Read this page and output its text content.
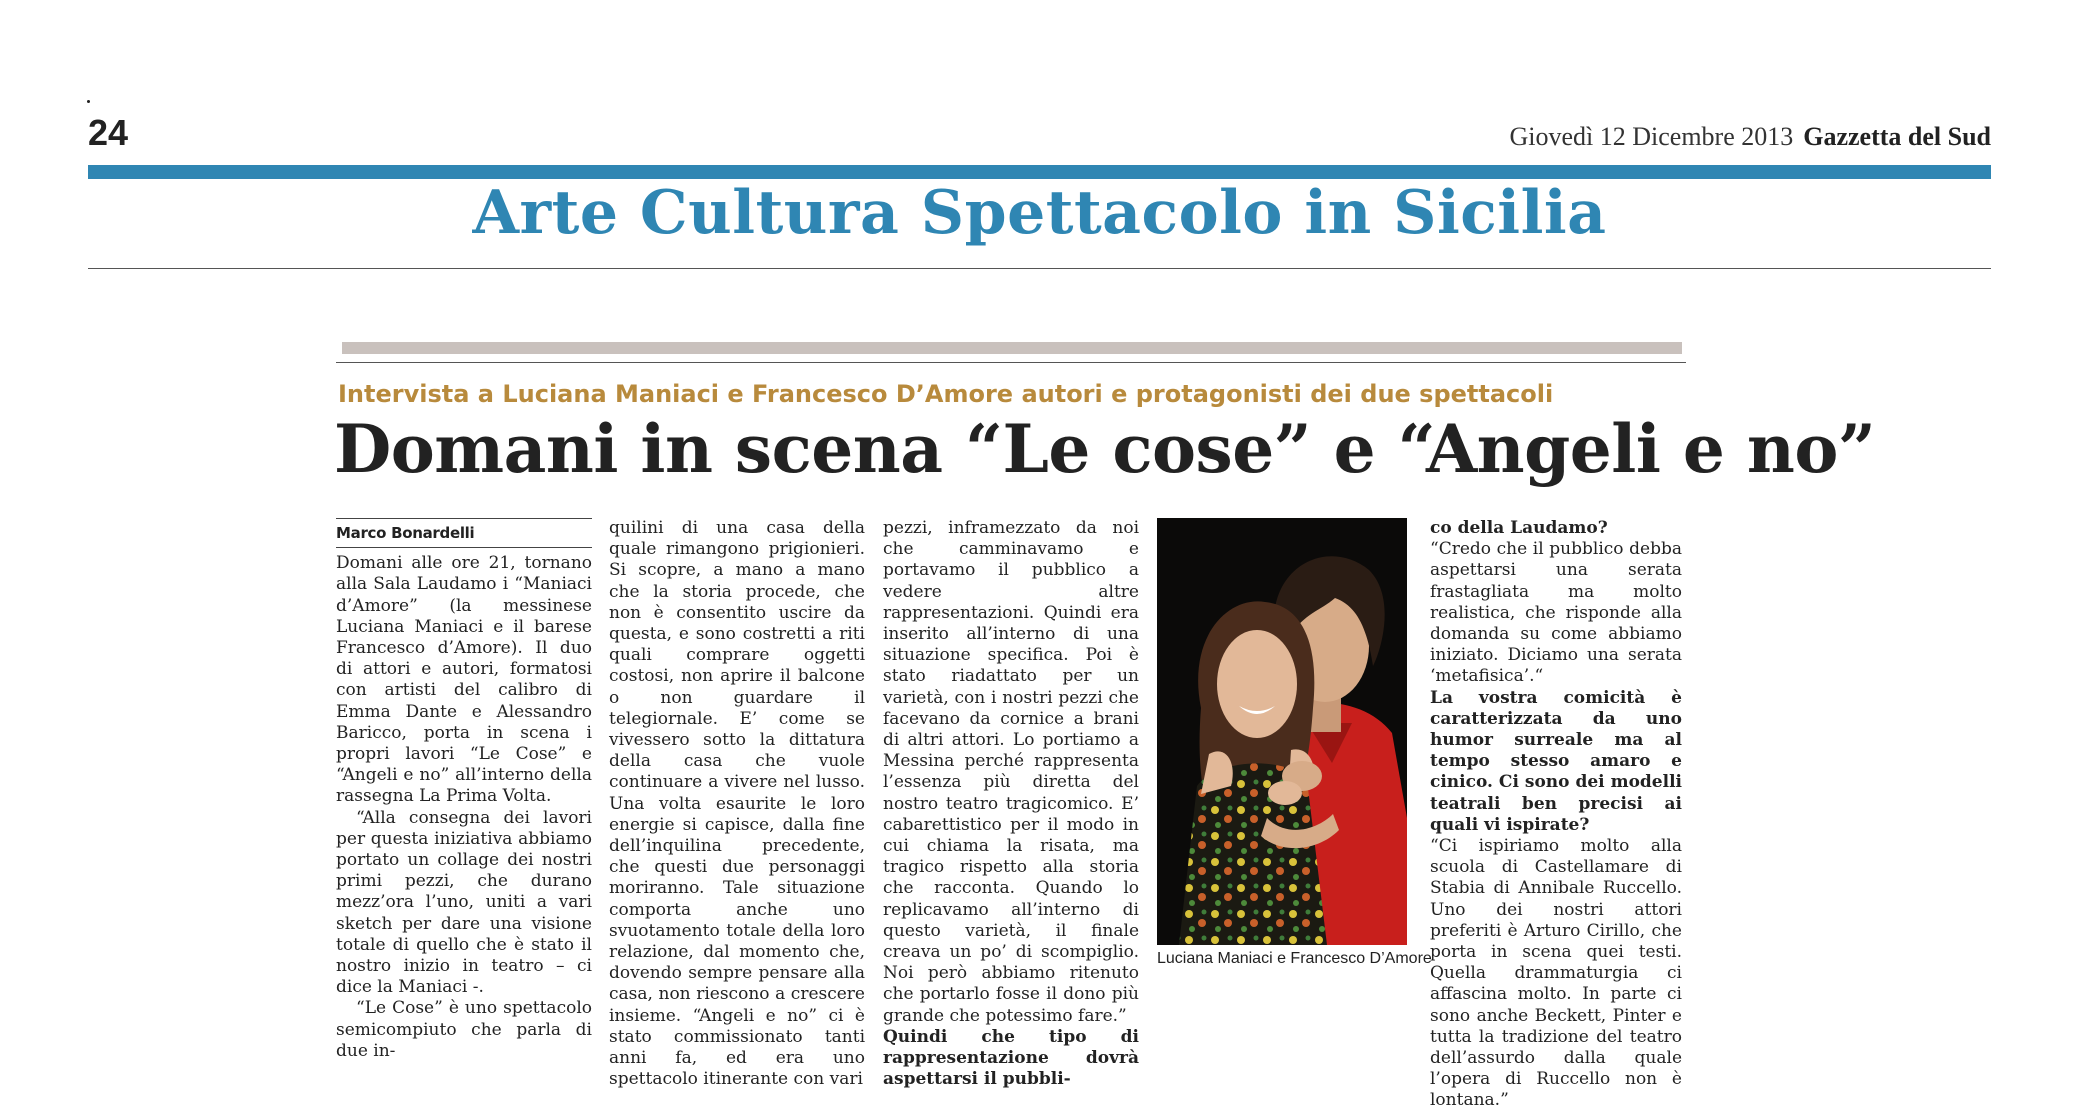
24	Giovedì 12 Dicembre 2013 Gazzetta del Sud
Arte Cultura Spettacolo in Sicilia
Intervista a Luciana Maniaci e Francesco D’Amore autori e protagonisti dei due spettacoli
Domani in scena “Le cose” e “Angeli e no”
Marco Bonardelli

Domani alle ore 21, tornano alla Sala Laudamo i “Maniaci d’Amore” (la messinese Luciana Maniaci e il barese Francesco d’Amore). Il duo di attori e autori, formatosi con artisti del calibro di Emma Dante e Alessandro Baricco, porta in scena i propri lavori “Le Cose” e “Angeli e no” all’interno della rassegna La Prima Volta.

“Alla consegna dei lavori per questa iniziativa abbiamo portato un collage dei nostri primi pezzi, che durano mezz’ora l’uno, uniti a vari sketch per dare una visione totale di quello che è stato il nostro inizio in teatro – ci dice la Maniaci -.

“Le Cose” è uno spettacolo semicompiuto che parla di due in-

quilini di una casa della quale rimangono prigionieri. Si scopre, a mano a mano che la storia procede, che non è consentito uscire da questa, e sono costretti a riti quali comprare oggetti costosi, non aprire il balcone o non guardare il telegiornale. E’ come se vivessero sotto la dittatura della casa che vuole continuare a vivere nel lusso. Una volta esaurite le loro energie si capisce, dalla fine dell’inquilina precedente, che questi due personaggi moriranno. Tale situazione comporta anche uno svuotamento totale della loro relazione, dal momento che, dovendo sempre pensare alla casa, non riescono a crescere insieme. “Angeli e no” ci è stato commissionato tanti anni fa, ed era uno spettacolo itinerante con vari

pezzi, inframezzato da noi che camminavamo e portavamo il pubblico a vedere altre rappresentazioni. Quindi era inserito all’interno di una situazione specifica. Poi è stato riadattato per un varietà, con i nostri pezzi che facevano da cornice a brani di altri attori. Lo portiamo a Messina perché rappresenta l’essenza più diretta del nostro teatro tragicomico. E’ cabarettistico per il modo in cui chiama la risata, ma tragico rispetto alla storia che racconta. Quando lo replicavamo all’interno di questo varietà, il finale creava un po’ di scompiglio. Noi però abbiamo ritenuto che portarlo fosse il dono più grande che potessimo fare.”

Quindi che tipo di rappresentazione dovrà aspettarsi il pubbli-

Luciana Maniaci e Francesco D’Amore

co della Laudamo?

“Credo che il pubblico debba aspettarsi una serata frastagliata ma molto realistica, che risponde alla domanda su come abbiamo iniziato. Diciamo una serata ‘metafisica’.“

La vostra comicità è caratterizzata da uno humor surreale ma al tempo stesso amaro e cinico. Ci sono dei modelli teatrali ben precisi ai quali vi ispirate?

“Ci ispiriamo molto alla scuola di Castellamare di Stabia di Annibale Ruccello. Uno dei nostri attori preferiti è Arturo Cirillo, che porta in scena quei testi. Quella drammaturgia ci affascina molto. In parte ci sono anche Beckett, Pinter e tutta la tradizione del teatro dell’assurdo dalla quale l’opera di Ruccello non è lontana.”
